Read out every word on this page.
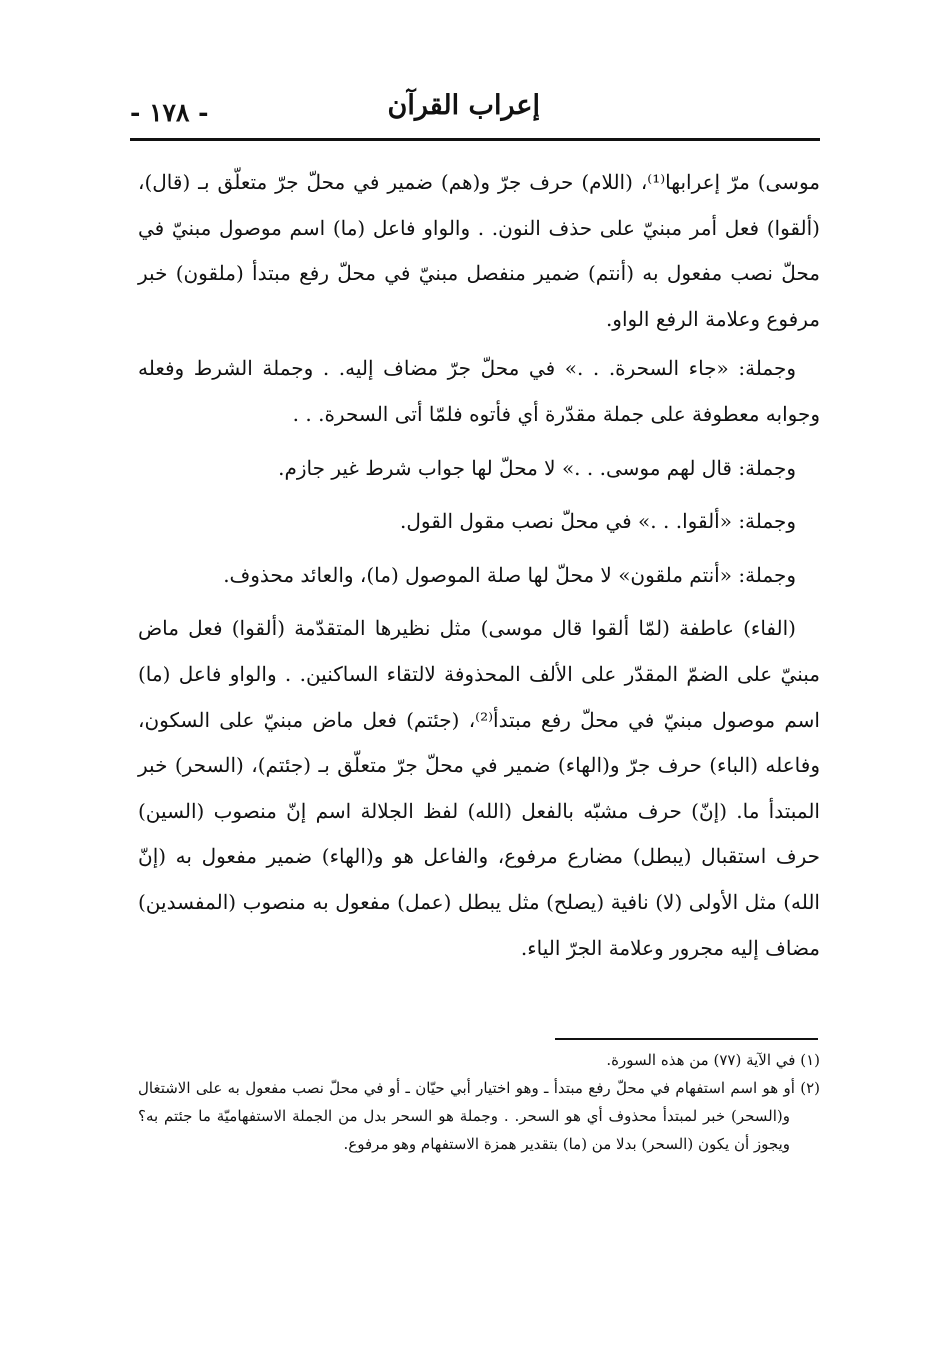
إعراب القرآن
- ١٧٨ -

موسى) مرّ إعرابها⁽¹⁾، (اللام) حرف جرّ و(هم) ضمير في محلّ جرّ متعلّق بـ (قال)، (ألقوا) فعل أمر مبنيّ على حذف النون. . والواو فاعل (ما) اسم موصول مبنيّ في محلّ نصب مفعول به (أنتم) ضمير منفصل مبنيّ في محلّ رفع مبتدأ (ملقون) خبر مرفوع وعلامة الرفع الواو.

وجملة: «جاء السحرة. . .» في محلّ جرّ مضاف إليه. . وجملة الشرط وفعله وجوابه معطوفة على جملة مقدّرة أي فأتوه فلمّا أتى السحرة. . .

وجملة: قال لهم موسى. . .» لا محلّ لها جواب شرط غير جازم.

وجملة: «ألقوا. . .» في محلّ نصب مقول القول.

وجملة: «أنتم ملقون» لا محلّ لها صلة الموصول (ما)، والعائد محذوف.

(الفاء) عاطفة (لمّا ألقوا قال موسى) مثل نظيرها المتقدّمة (ألقوا) فعل ماض مبنيّ على الضمّ المقدّر على الألف المحذوفة لالتقاء الساكنين. . والواو فاعل (ما) اسم موصول مبنيّ في محلّ رفع مبتدأ⁽²⁾، (جئتم) فعل ماض مبنيّ على السكون، وفاعله (الباء) حرف جرّ و(الهاء) ضمير في محلّ جرّ متعلّق بـ (جئتم)، (السحر) خبر المبتدأ ما. (إنّ) حرف مشبّه بالفعل (الله) لفظ الجلالة اسم إنّ منصوب (السين) حرف استقبال (يبطل) مضارع مرفوع، والفاعل هو و(الهاء) ضمير مفعول به (إنّ الله) مثل الأولى (لا) نافية (يصلح) مثل يبطل (عمل) مفعول به منصوب (المفسدين) مضاف إليه مجرور وعلامة الجرّ الياء.

(١) في الآية (٧٧) من هذه السورة.

(٢) أو هو اسم استفهام في محلّ رفع مبتدأ ـ وهو اختيار أبي حيّان ـ أو في محلّ نصب مفعول به على الاشتغال و(السحر) خبر لمبتدأ محذوف أي هو السحر. . وجملة هو السحر بدل من الجملة الاستفهاميّة ما جئتم به؟ ويجوز أن يكون (السحر) بدلا من (ما) بتقدير همزة الاستفهام وهو مرفوع.
